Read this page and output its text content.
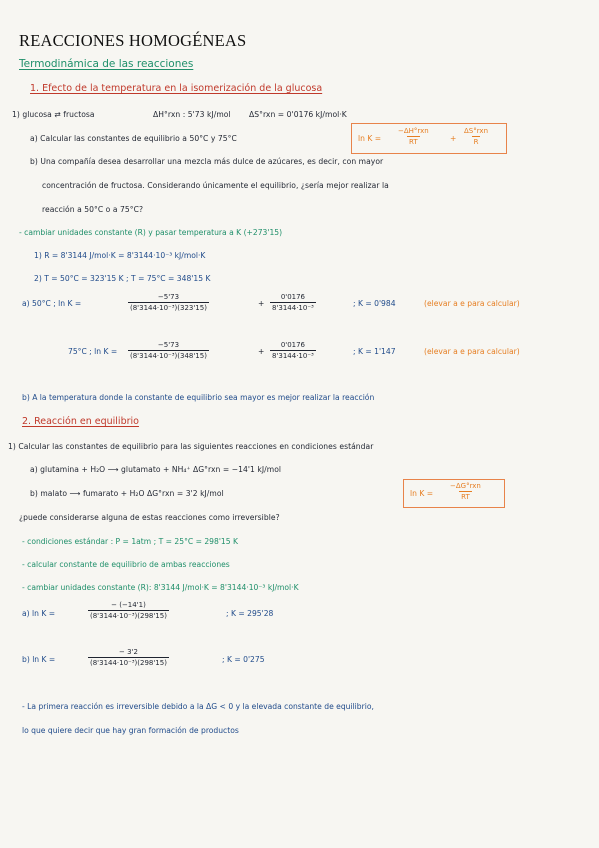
REACCIONES HOMOGÉNEAS
Termodinámica de las reacciones
1. Efecto de la temperatura en la isomerización de la glucosa
1) glucosa ⇄ fructosa	ΔH°rxn : 5'73 kJ/mol ΔS°rxn = 0'0176 kJ/mol·K
a) Calcular las constantes de equilibrio a 50°C y 75°C	ln K =
−ΔH°rxn
RT	+
ΔS°rxn
R
b) Una compañía desea desarrollar una mezcla más dulce de azúcares, es decir, con mayor
concentración de fructosa. Considerando únicamente el equilibrio, ¿sería mejor realizar la
reacción a 50°C o a 75°C?
- cambiar unidades constante (R) y pasar temperatura a K (+273'15)
1) R = 8'3144 J/mol·K = 8'3144·10⁻³ kJ/mol·K
2) T = 50°C = 323'15 K ; T = 75°C = 348'15 K
a) 50°C ; ln K =	$\frac{-5'73}{\text{(8'3144·10⁻³)(323'15)}}$	+ $\frac{0'0176}{\text{8'3144·10⁻³}}$	; K = 0'984	(elevar a e para calcular)
75°C ; $\ln K = \frac{-5'73}{\text{(8'3144·10⁻³)(348'15)}}$	+ $\frac{0'0176}{\text{8'3144·10⁻³}}$	; K = 1'147	(elevar a e para calcular)
b) A la temperatura donde la constante de equilibrio sea mayor es mejor realizar la reacción
2. Reacción en equilibrio
1) Calcular las constantes de equilibrio para las siguientes reacciones en condiciones estándar
a) glutamina + H₂O ⟶ glutamato + NH₄⁺ ΔG°rxn = −14'1 kJ/mol
b) malato ⟶ fumarato + H₂O ΔG°rxn = 3'2 kJ/mol	ln K =
−ΔG°rxn
RT
¿puede considerarse alguna de estas reacciones como irreversible?
- condiciones estándar : P = 1atm ; T = 25°C = 298'15 K
- calcular constante de equilibrio de ambas reacciones
- cambiar unidades constante (R): 8'3144 J/mol·K = 8'3144·10⁻³ kJ/mol·K
a) ln K =	$\frac{- (-14'1)}{\text{(8'3144·10⁻³)(298'15)}}$	; K = 295'28
b) ln K =	$\frac{- 3'2}{\text{(8'3144·10⁻³)(298'15)}}$	; K = 0'275
- La primera reacción es irreversible debido a la ΔG < 0 y la elevada constante de equilibrio,
lo que quiere decir que hay gran formación de productos
